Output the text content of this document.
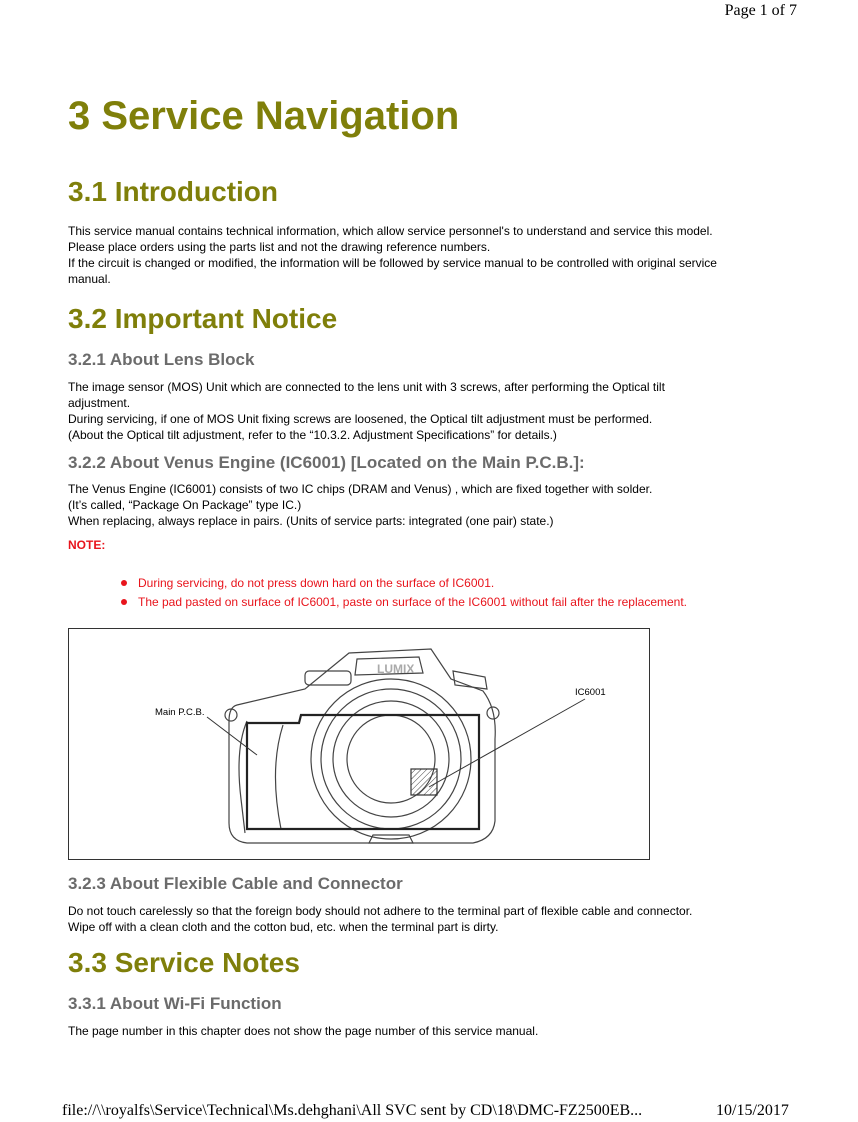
Page 1 of 7
3 Service Navigation
3.1 Introduction
This service manual contains technical information, which allow service personnel's to understand and service this model.
Please place orders using the parts list and not the drawing reference numbers.
If the circuit is changed or modified, the information will be followed by service manual to be controlled with original service
manual.
3.2 Important Notice
3.2.1 About Lens Block
The image sensor (MOS) Unit which are connected to the lens unit with 3 screws, after performing the Optical tilt
adjustment.
During servicing, if one of MOS Unit fixing screws are loosened, the Optical tilt adjustment must be performed.
(About the Optical tilt adjustment, refer to the “10.3.2. Adjustment Specifications” for details.)
3.2.2 About Venus Engine (IC6001) [Located on the Main P.C.B.]:
The Venus Engine (IC6001) consists of two IC chips (DRAM and Venus) , which are fixed together with solder.
(It’s called, “Package On Package” type IC.)
When replacing, always replace in pairs. (Units of service parts: integrated (one pair) state.)
NOTE:
During servicing, do not press down hard on the surface of IC6001.
The pad pasted on surface of IC6001, paste on surface of the IC6001 without fail after the replacement.
LUMIX
Main P.C.B.
IC6001
3.2.3 About Flexible Cable and Connector
Do not touch carelessly so that the foreign body should not adhere to the terminal part of flexible cable and connector.
Wipe off with a clean cloth and the cotton bud, etc. when the terminal part is dirty.
3.3 Service Notes
3.3.1 About Wi-Fi Function
The page number in this chapter does not show the page number of this service manual.
file://\\royalfs\Service\Technical\Ms.dehghani\All SVC sent by CD\18\DMC-FZ2500EB...	10/15/2017
